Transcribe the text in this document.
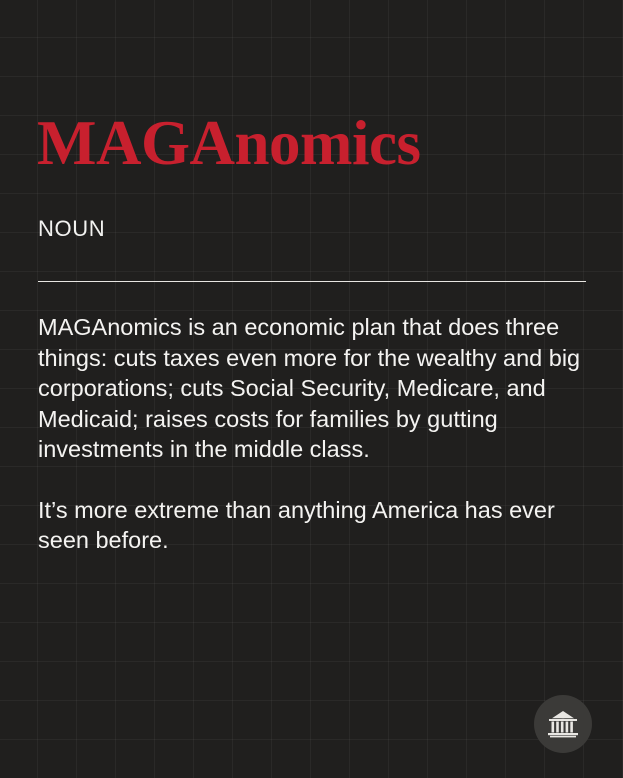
MAGAnomics
NOUN

MAGAnomics is an economic plan that does three things: cuts taxes even more for the wealthy and big corporations; cuts Social Security, Medicare, and Medicaid; raises costs for families by gutting investments in the middle class.

It’s more extreme than anything America has ever seen before.
